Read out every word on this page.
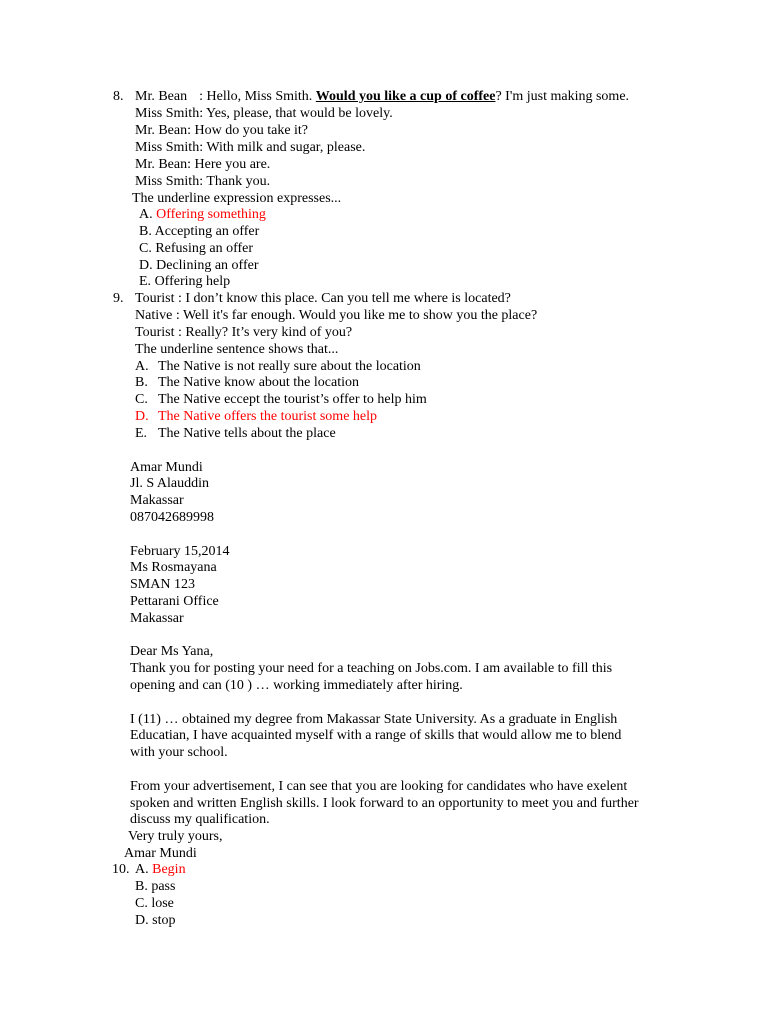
8. Mr. Bean : Hello, Miss Smith. Would you like a cup of coffee? I'm just making some.
Miss Smith: Yes, please, that would be lovely.
Mr. Bean: How do you take it?
Miss Smith: With milk and sugar, please.
Mr. Bean: Here you are.
Miss Smith: Thank you.
The underline expression expresses...
A. Offering something
B. Accepting an offer
C. Refusing an offer
D. Declining an offer
E. Offering help
9. Tourist : I don’t know this place. Can you tell me where is located?
Native : Well it's far enough. Would you like me to show you the place?
Tourist : Really? It’s very kind of you?
The underline sentence shows that...
A. The Native is not really sure about the location
B. The Native know about the location
C. The Native eccept the tourist’s offer to help him
D. The Native offers the tourist some help
E. The Native tells about the place
Amar Mundi
Jl. S Alauddin
Makassar
087042689998
February 15,2014
Ms Rosmayana
SMAN 123
Pettarani Office
Makassar
Dear Ms Yana,
Thank you for posting your need for a teaching on Jobs.com. I am available to fill this
opening and can (10 ) … working immediately after hiring.
I (11) … obtained my degree from Makassar State University. As a graduate in English
Educatian, I have acquainted myself with a range of skills that would allow me to blend
with your school.
From your advertisement, I can see that you are looking for candidates who have exelent
spoken and written English skills. I look forward to an opportunity to meet you and further
discuss my qualification.
Very truly yours,
Amar Mundi
10. A. Begin
B. pass
C. lose
D. stop
